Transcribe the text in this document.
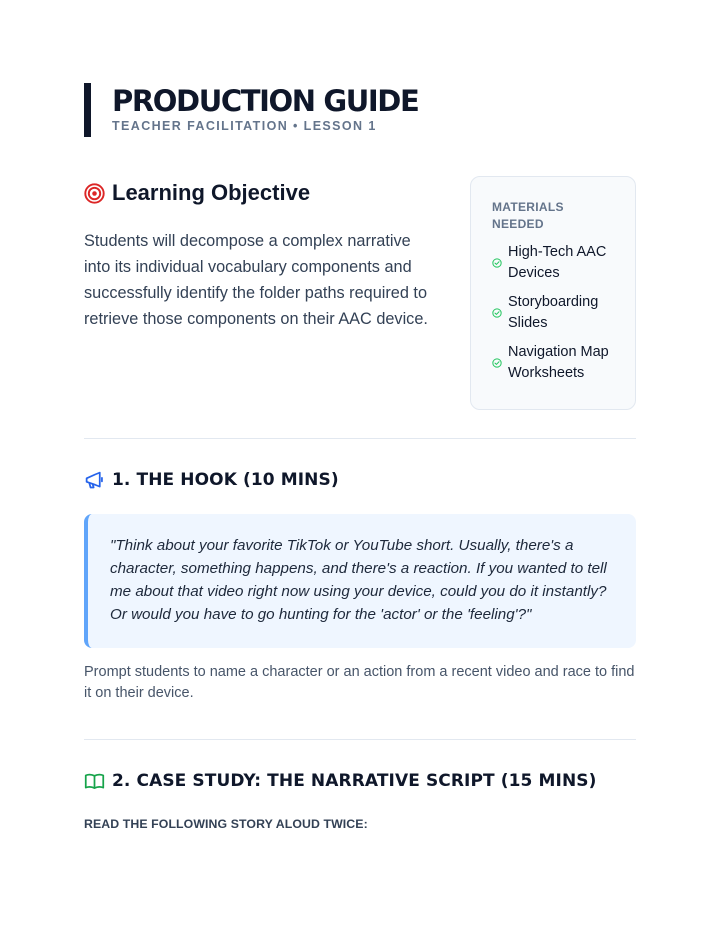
PRODUCTION GUIDE
TEACHER FACILITATION • LESSON 1
Learning Objective

Students will decompose a complex narrative into its individual vocabulary components and successfully identify the folder paths required to retrieve those components on their AAC device.

MATERIALS NEEDED
High-Tech AAC Devices
Storyboarding Slides
Navigation Map Worksheets
1. THE HOOK (10 MINS)

"Think about your favorite TikTok or YouTube short. Usually, there's a character, something happens, and there's a reaction. If you wanted to tell me about that video right now using your device, could you do it instantly? Or would you have to go hunting for the 'actor' or the 'feeling'?"

Prompt students to name a character or an action from a recent video and race to find it on their device.

2. CASE STUDY: THE NARRATIVE SCRIPT (15 MINS)
READ THE FOLLOWING STORY ALOUD TWICE:
